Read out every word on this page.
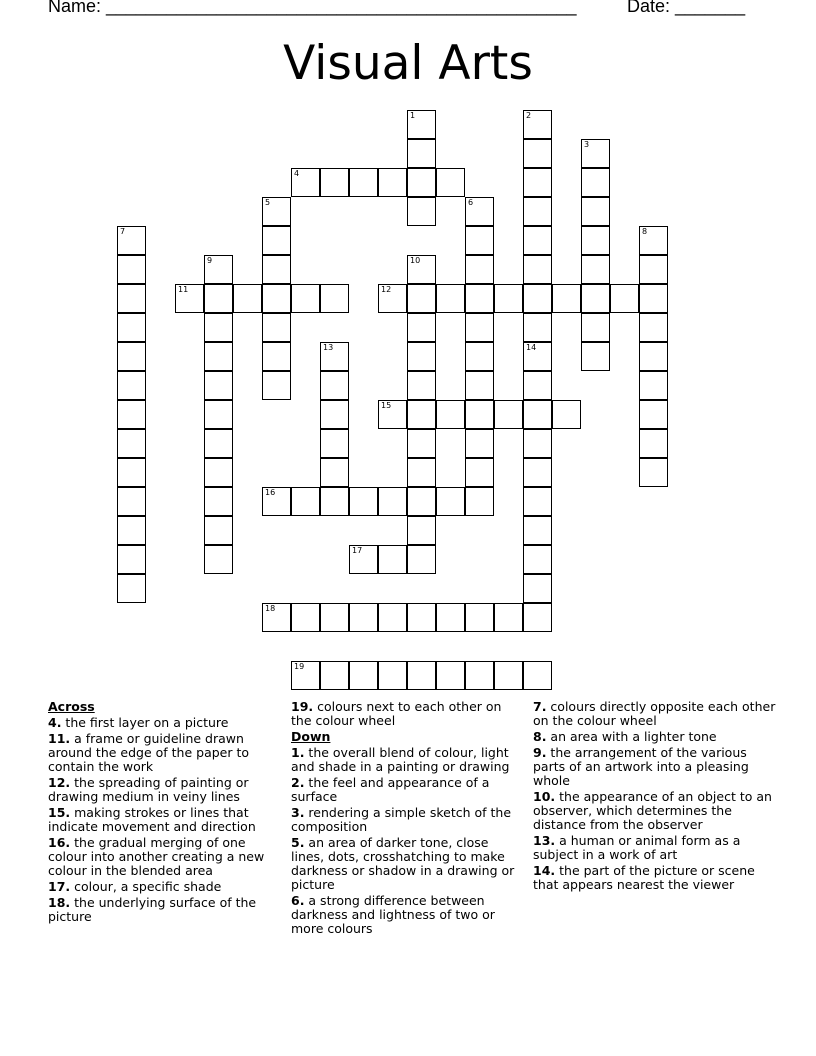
Name: _______________________________________________	Date: _______
Visual Arts
1	2
14
3
4
5	6
7	8
9	10
11	12
13
15
16
17
18
19
Across
4. the first layer on a picture
11. a frame or guideline drawn around the edge of the paper to contain the work
12. the spreading of painting or drawing medium in veiny lines
15. making strokes or lines that indicate movement and direction
16. the gradual merging of one colour into another creating a new colour in the blended area
17. colour, a specific shade
18. the underlying surface of the picture
19. colours next to each other on the colour wheel
Down
1. the overall blend of colour, light and shade in a painting or drawing
2. the feel and appearance of a surface
3. rendering a simple sketch of the composition
5. an area of darker tone, close lines, dots, crosshatching to make darkness or shadow in a drawing or picture
6. a strong difference between darkness and lightness of two or more colours
7. colours directly opposite each other on the colour wheel
8. an area with a lighter tone
9. the arrangement of the various parts of an artwork into a pleasing whole
10. the appearance of an object to an observer, which determines the distance from the observer
13. a human or animal form as a subject in a work of art
14. the part of the picture or scene that appears nearest the viewer
